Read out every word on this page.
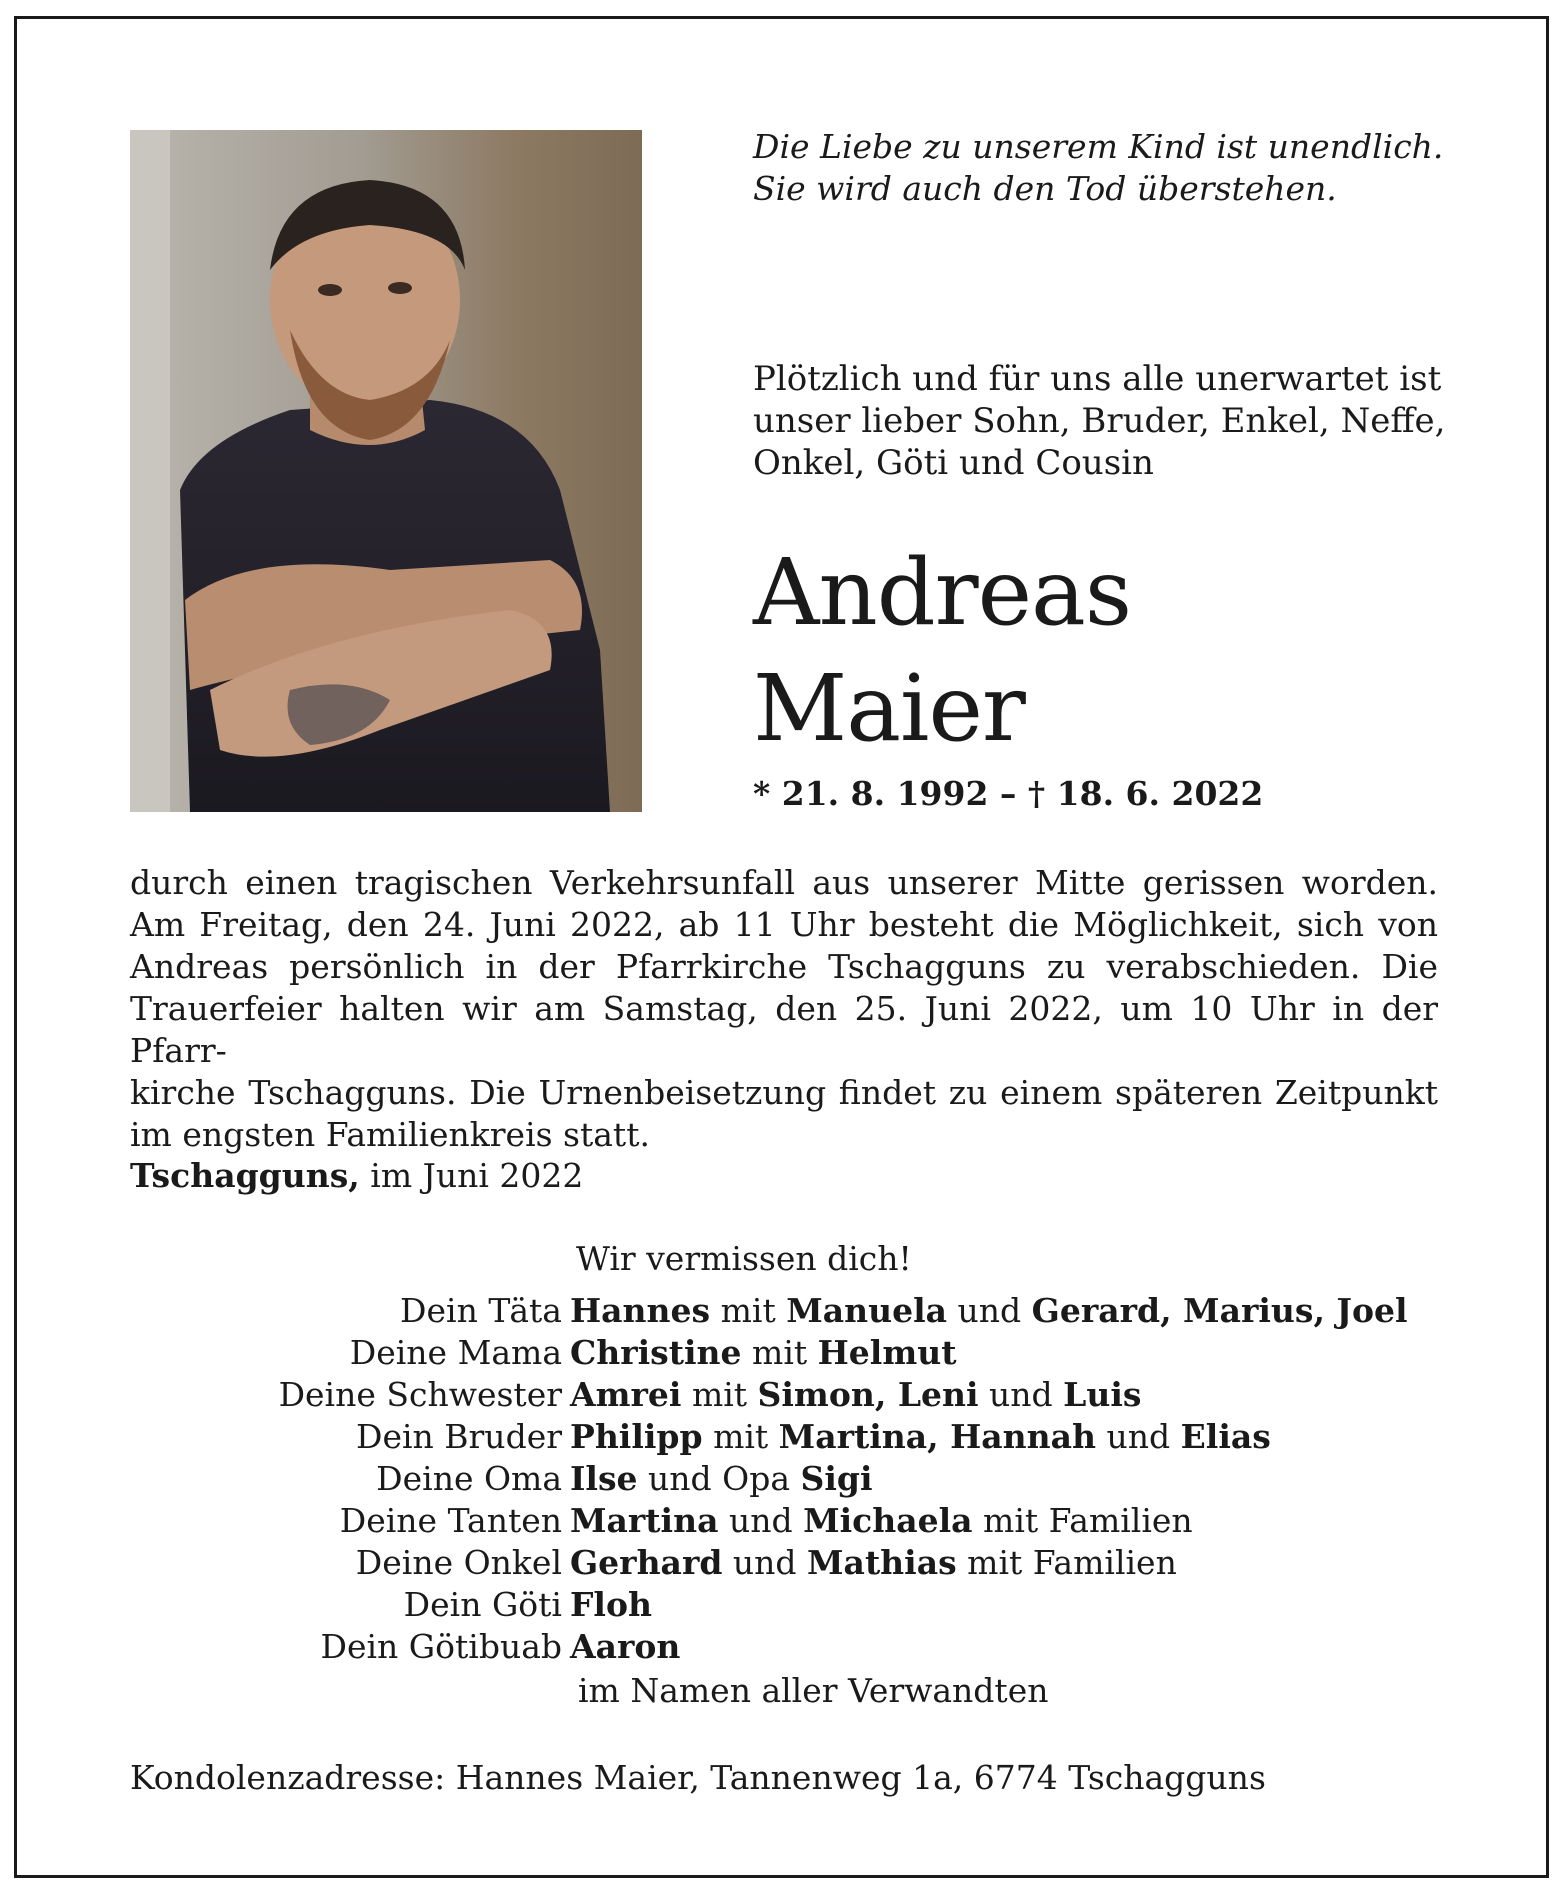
Die Liebe zu unserem Kind ist unendlich.
Sie wird auch den Tod überstehen.
Plötzlich und für uns alle unerwartet ist
unser lieber Sohn, Bruder, Enkel, Neffe,
Onkel, Göti und Cousin
Andreas
Maier
* 21. 8. 1992 – † 18. 6. 2022
durch einen tragischen Verkehrsunfall aus unserer Mitte gerissen worden.
Am Freitag, den 24. Juni 2022, ab 11 Uhr besteht die Möglichkeit, sich von
Andreas persönlich in der Pfarrkirche Tschagguns zu verabschieden. Die
Trauerfeier halten wir am Samstag, den 25. Juni 2022, um 10 Uhr in der Pfarr-
kirche Tschagguns. Die Urnenbeisetzung findet zu einem späteren Zeitpunkt
im engsten Familienkreis statt.
Tschagguns, im Juni 2022
Wir vermissen dich!
Dein Täta Hannes mit Manuela und Gerard, Marius, Joel
Deine Mama Christine mit Helmut
Deine Schwester Amrei mit Simon, Leni und Luis
Dein Bruder Philipp mit Martina, Hannah und Elias
Deine Oma Ilse und Opa Sigi
Deine Tanten Martina und Michaela mit Familien
Deine Onkel Gerhard und Mathias mit Familien
Dein Göti Floh
Dein Götibuab Aaron
im Namen aller Verwandten
Kondolenzadresse: Hannes Maier, Tannenweg 1a, 6774 Tschagguns
